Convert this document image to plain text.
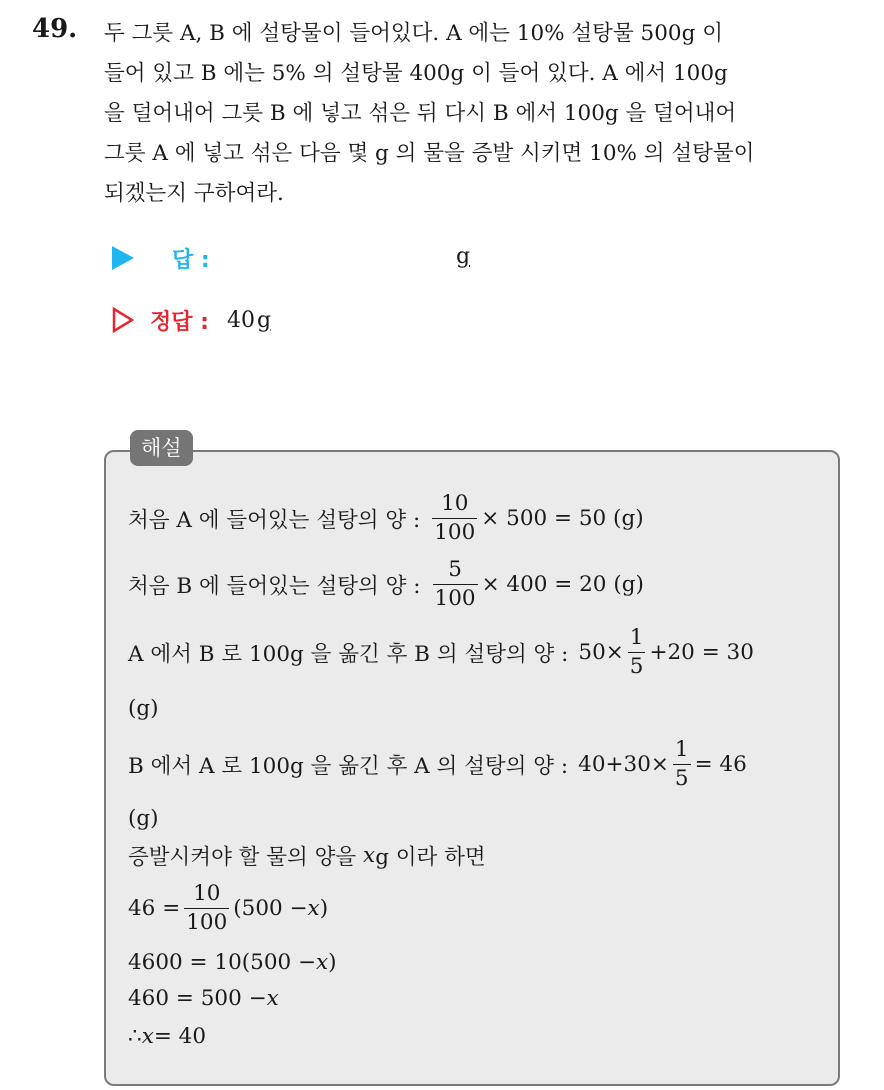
49. 두 그릇 A, B 에 설탕물이 들어있다. A 에는 10% 설탕물 500g 이
들어 있고 B 에는 5% 의 설탕물 400g 이 들어 있다. A 에서 100g
을 덜어내어 그릇 B 에 넣고 섞은 뒤 다시 B 에서 100g 을 덜어내어
그릇 A 에 넣고 섞은 다음 몇 g 의 물을 증발 시키면 10% 의 설탕물이
되겠는지 구하여라.
답 :	g
정답 : 40g
해설
처음 A 에 들어있는 설탕의 양 : $\frac{10}{100} \times 500 = 50$ (g)
처음 B 에 들어있는 설탕의 양 : $\frac{5}{100} \times 400 = 20$ (g)
A 에서 B 로 100g 을 옮긴 후 B 의 설탕의 양 : $50\times \frac{1}{5} +20 = 30$
(g)
B 에서 A 로 100g 을 옮긴 후 A 의 설탕의 양 : $40+30\times \frac{1}{5} = 46$
(g)
증발시켜야 할 물의 양을
x g 이라 하면
$46 = \frac{10}{100} (500 - x$ )
4600 = 10(500 − x )
460 = 500 − x
∴ x = 40
